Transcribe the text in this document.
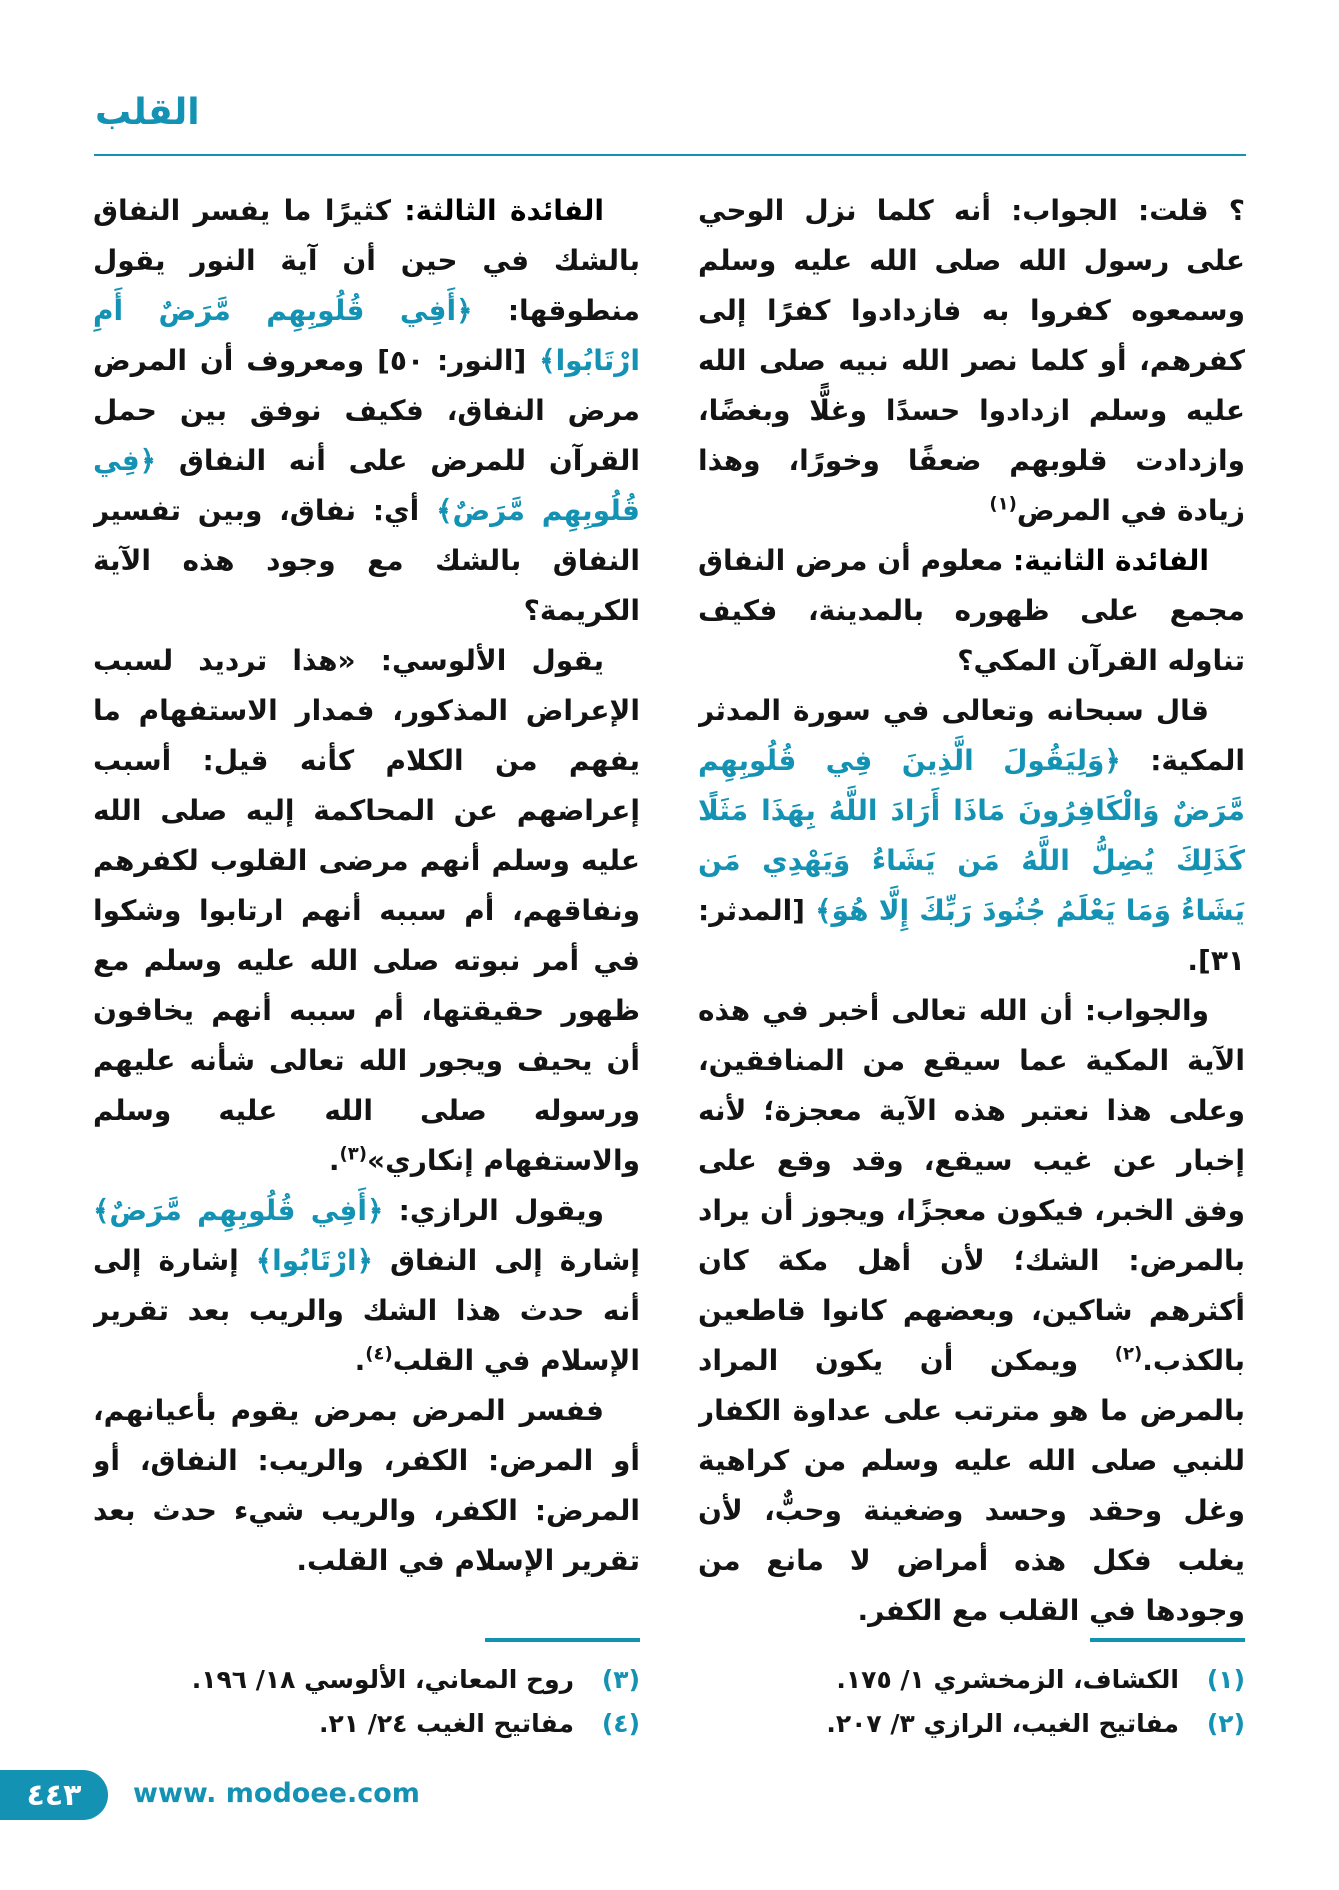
القلب

؟ قلت: الجواب: أنه كلما نزل الوحي على رسول الله صلى الله عليه وسلم وسمعوه كفروا به فازدادوا كفرًا إلى كفرهم، أو كلما نصر الله نبيه صلى الله عليه وسلم ازدادوا حسدًا وغلًّا وبغضًا، وازدادت قلوبهم ضعفًا وخورًا، وهذا زيادة في المرض$^{(١)}$

الفائدة الثانية: معلوم أن مرض النفاق مجمع على ظهوره بالمدينة، فكيف تناوله القرآن المكي؟

قال سبحانه وتعالى في سورة المدثر المكية: ﴿وَلِيَقُولَ الَّذِينَ فِي قُلُوبِهِم مَّرَضٌ وَالْكَافِرُونَ مَاذَا أَرَادَ اللَّهُ بِهَذَا مَثَلًا كَذَلِكَ يُضِلُّ اللَّهُ مَن يَشَاءُ وَيَهْدِي مَن يَشَاءُ وَمَا يَعْلَمُ جُنُودَ رَبِّكَ إِلَّا هُوَ﴾ [المدثر: ٣١].

والجواب: أن الله تعالى أخبر في هذه الآية المكية عما سيقع من المنافقين، وعلى هذا نعتبر هذه الآية معجزة؛ لأنه إخبار عن غيب سيقع، وقد وقع على وفق الخبر، فيكون معجزًا، ويجوز أن يراد بالمرض: الشك؛ لأن أهل مكة كان أكثرهم شاكين، وبعضهم كانوا قاطعين بالكذب.$^{(٢)}$ ويمكن أن يكون المراد بالمرض ما هو مترتب على عداوة الكفار للنبي صلى الله عليه وسلم من كراهية وغل وحقد وحسد وضغينة وحبٌّ، لأن يغلب فكل هذه أمراض لا مانع من وجودها في القلب مع الكفر.

الفائدة الثالثة: كثيرًا ما يفسر النفاق بالشك في حين أن آية النور يقول منطوقها: ﴿أَفِي قُلُوبِهِم مَّرَضٌ أَمِ ارْتَابُوا﴾ [النور: ٥٠] ومعروف أن المرض مرض النفاق، فكيف نوفق بين حمل القرآن للمرض على أنه النفاق ﴿فِي قُلُوبِهِم مَّرَضٌ﴾ أي: نفاق، وبين تفسير النفاق بالشك مع وجود هذه الآية الكريمة؟

يقول الألوسي: «هذا ترديد لسبب الإعراض المذكور، فمدار الاستفهام ما يفهم من الكلام كأنه قيل: أسبب إعراضهم عن المحاكمة إليه صلى الله عليه وسلم أنهم مرضى القلوب لكفرهم ونفاقهم، أم سببه أنهم ارتابوا وشكوا في أمر نبوته صلى الله عليه وسلم مع ظهور حقيقتها، أم سببه أنهم يخافون أن يحيف ويجور الله تعالى شأنه عليهم ورسوله صلى الله عليه وسلم والاستفهام إنكاري»$^{(٣)}$.

ويقول الرازي: ﴿أَفِي قُلُوبِهِم مَّرَضٌ﴾ إشارة إلى النفاق ﴿ارْتَابُوا﴾ إشارة إلى أنه حدث هذا الشك والريب بعد تقرير الإسلام في القلب$^{(٤)}$.

ففسر المرض بمرض يقوم بأعيانهم، أو المرض: الكفر، والريب: النفاق، أو المرض: الكفر، والريب شيء حدث بعد تقرير الإسلام في القلب.

(١)
الكشاف، الزمخشري ١/ ١٧٥.
(٢)
مفاتيح الغيب، الرازي ٣/ ٢٠٧.
(٣)
روح المعاني، الألوسي ١٨/ ١٩٦.
(٤)
مفاتيح الغيب ٢٤/ ٢١.
٤٤٣	www. modoee.com
